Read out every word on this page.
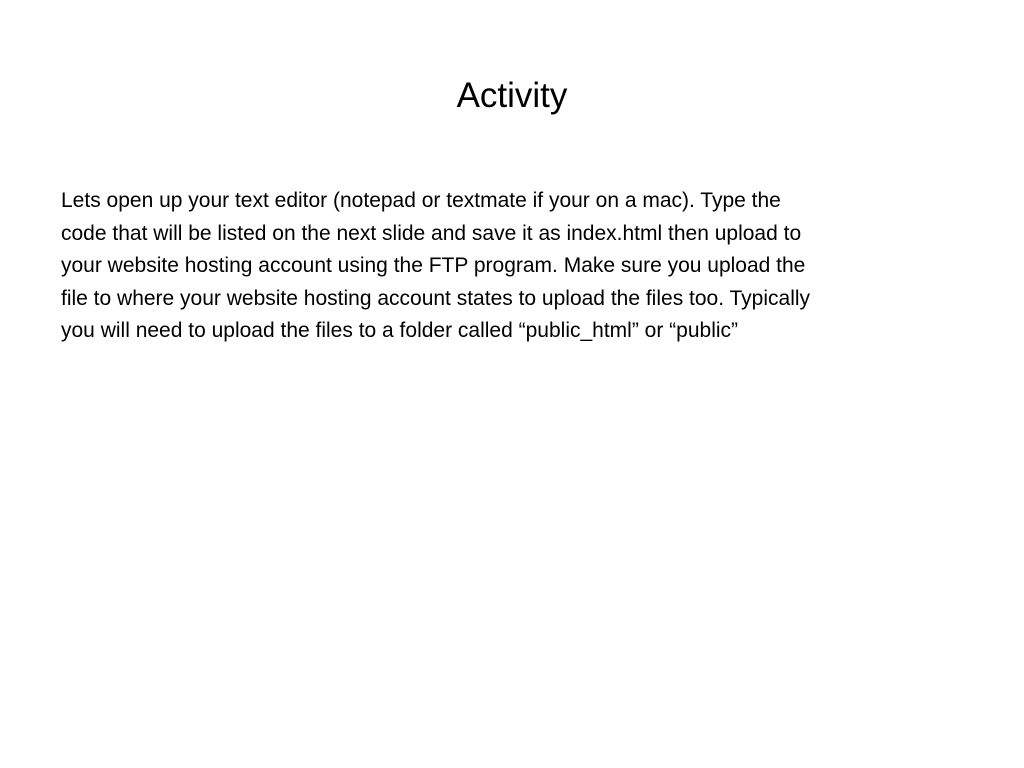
Activity

Lets open up your text editor (notepad or textmate if your on a mac). Type the
code that will be listed on the next slide and save it as index.html then upload to
your website hosting account using the FTP program. Make sure you upload the
file to where your website hosting account states to upload the files too. Typically
you will need to upload the files to a folder called “public_html” or “public”
